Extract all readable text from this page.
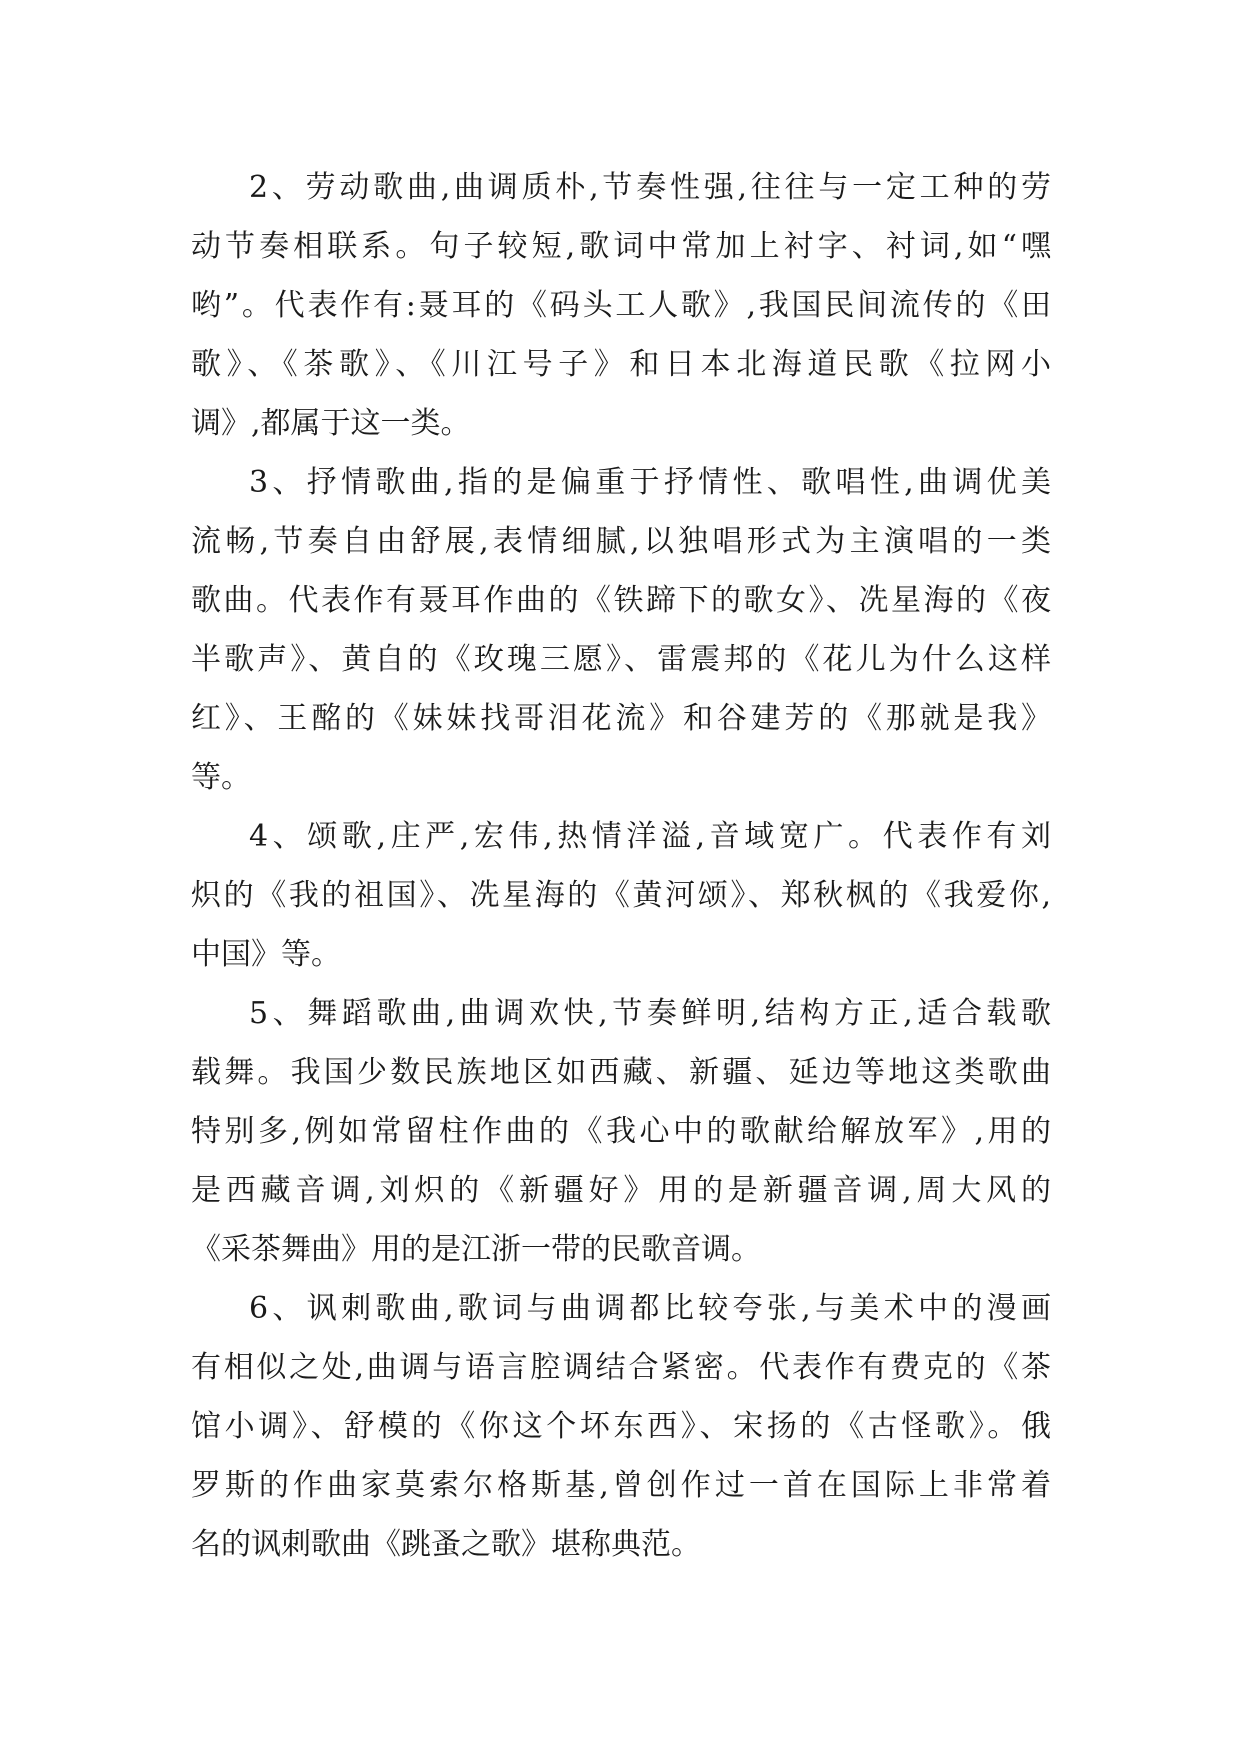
2、劳动歌曲,曲调质朴,节奏性强,往往与一定工种的劳
动节奏相联系。句子较短,歌词中常加上衬字、衬词,如“嘿
哟”。代表作有:聂耳的《码头工人歌》,我国民间流传的《田
歌》、《茶歌》、《川江号子》和日本北海道民歌《拉网小
调》,都属于这一类。

3、抒情歌曲,指的是偏重于抒情性、歌唱性,曲调优美
流畅,节奏自由舒展,表情细腻,以独唱形式为主演唱的一类
歌曲。代表作有聂耳作曲的《铁蹄下的歌女》、冼星海的《夜
半歌声》、黄自的《玫瑰三愿》、雷震邦的《花儿为什么这样
红》、王酩的《妹妹找哥泪花流》和谷建芳的《那就是我》
等。

4、颂歌,庄严,宏伟,热情洋溢,音域宽广。代表作有刘
炽的《我的祖国》、冼星海的《黄河颂》、郑秋枫的《我爱你,
中国》等。

5、舞蹈歌曲,曲调欢快,节奏鲜明,结构方正,适合载歌
载舞。我国少数民族地区如西藏、新疆、延边等地这类歌曲
特别多,例如常留柱作曲的《我心中的歌献给解放军》,用的
是西藏音调,刘炽的《新疆好》用的是新疆音调,周大风的
《采茶舞曲》用的是江浙一带的民歌音调。

6、讽刺歌曲,歌词与曲调都比较夸张,与美术中的漫画
有相似之处,曲调与语言腔调结合紧密。代表作有费克的《茶
馆小调》、舒模的《你这个坏东西》、宋扬的《古怪歌》。俄
罗斯的作曲家莫索尔格斯基,曾创作过一首在国际上非常着
名的讽刺歌曲《跳蚤之歌》堪称典范。
